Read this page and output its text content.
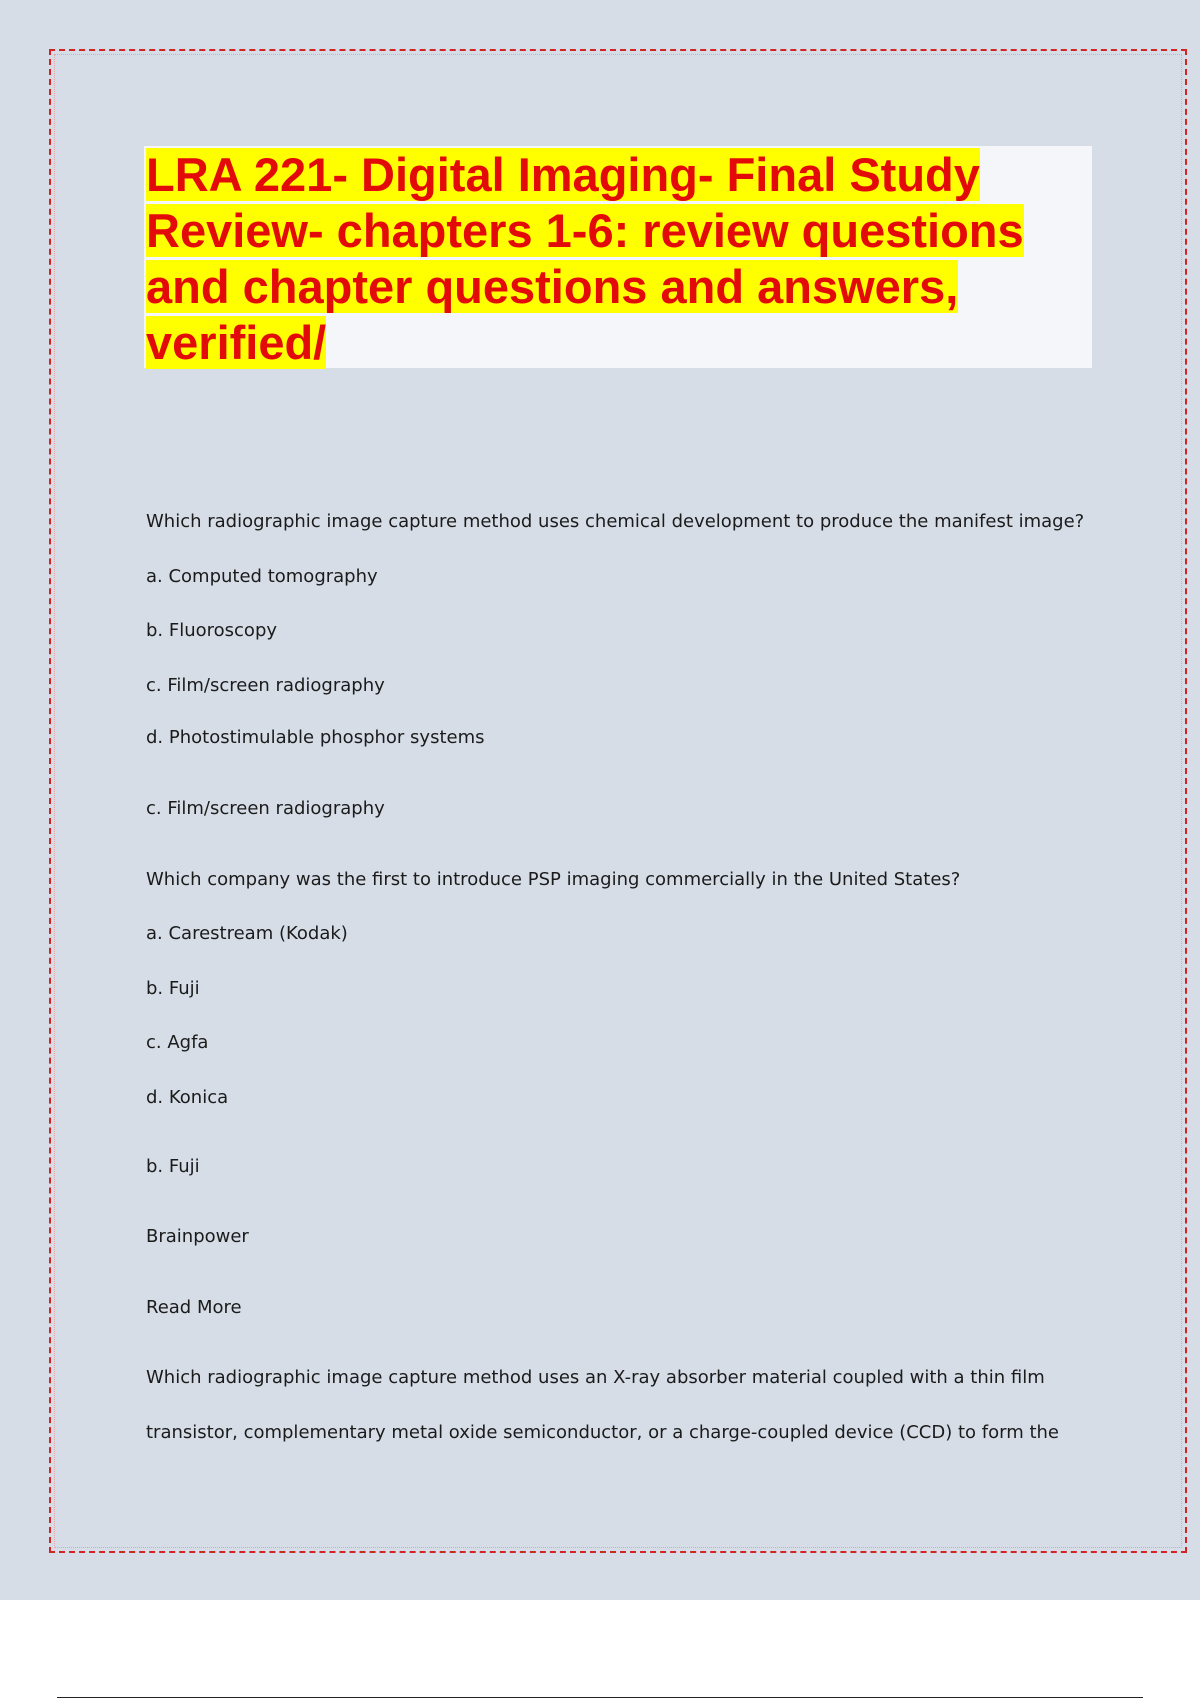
LRA 221- Digital Imaging- Final Study Review- chapters 1-6: review questions and chapter questions and answers, verified/

Which radiographic image capture method uses chemical development to produce the manifest image?

a. Computed tomography

b. Fluoroscopy

c. Film/screen radiography

d. Photostimulable phosphor systems

c. Film/screen radiography

Which company was the first to introduce PSP imaging commercially in the United States?

a. Carestream (Kodak)

b. Fuji

c. Agfa

d. Konica

b. Fuji

Brainpower

Read More

Which radiographic image capture method uses an X-ray absorber material coupled with a thin film

transistor, complementary metal oxide semiconductor, or a charge-coupled device (CCD) to form the
